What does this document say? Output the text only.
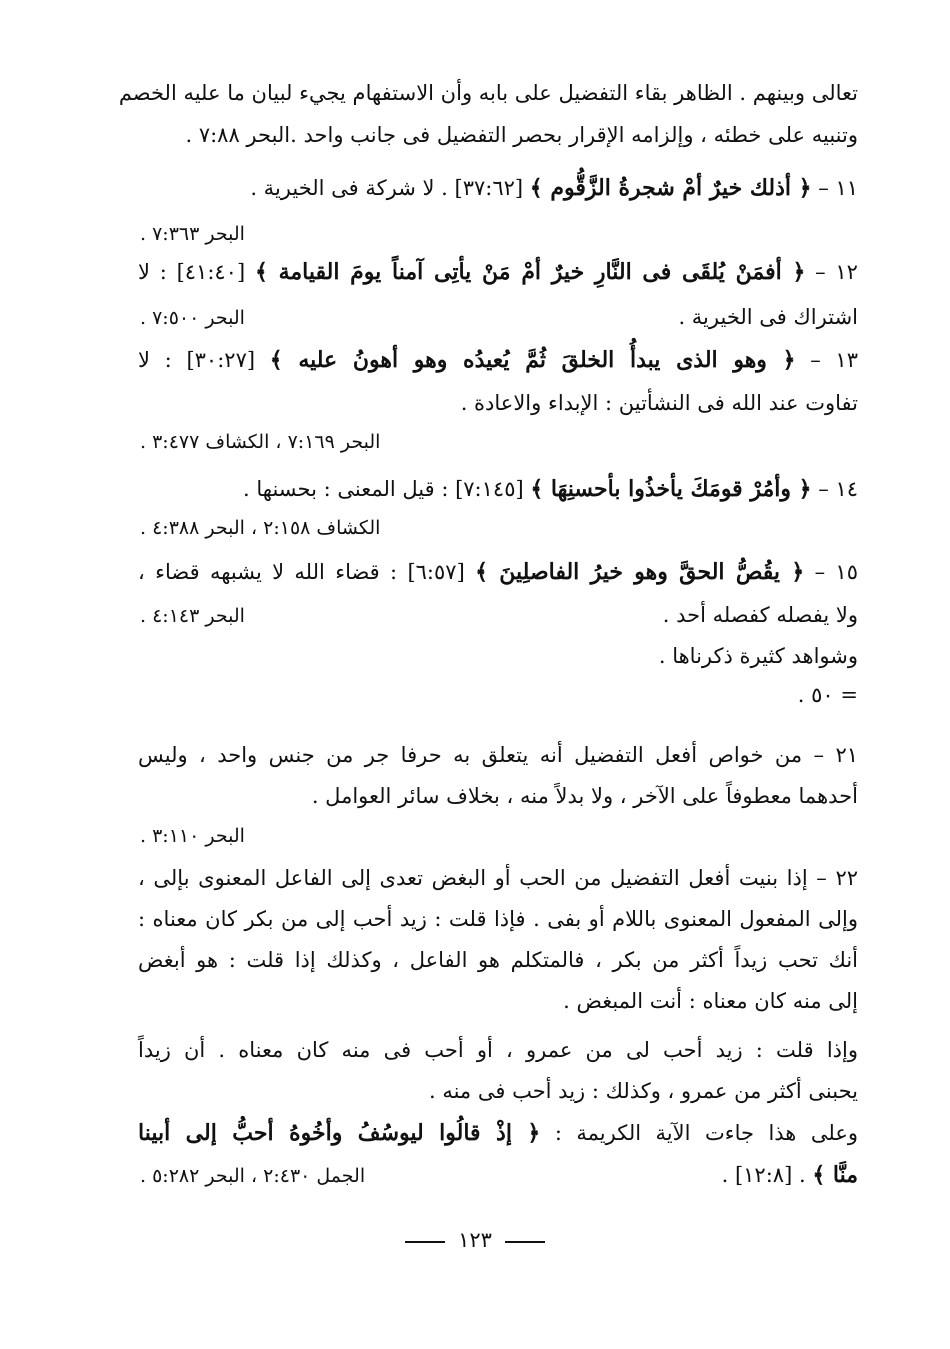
تعالى وبينهم . الظاهر بقاء التفضيل على بابه وأن الاستفهام يجيء لبيان ما عليه الخصم
وتنبيه على خطئه ، وإلزامه الإقرار بحصر التفضيل فى جانب واحد .البحر ٧:٨٨ .
١١ – ﴿ أذلك خيرٌ أمْ شجرةُ الزَّقُّوم ﴾ [٣٧:٦٢] . لا شركة فى الخيرية .
البحر ٧:٣٦٣ .
١٢ – ﴿ أفمَنْ يُلقَى فى النَّارِ خيرٌ أمْ مَنْ يأتِى آمناً يومَ القيامة ﴾ [٤١:٤٠] : لا
اشتراك فى الخيرية .
البحر ٧:٥٠٠ .
١٣ – ﴿ وهو الذى يبدأُ الخلقَ ثُمَّ يُعيدُه وهو أهونُ عليه ﴾ [٣٠:٢٧] : لا
تفاوت عند الله فى النشأتين : الإبداء والاعادة .
البحر ٧:١٦٩ ، الكشاف ٣:٤٧٧ .
١٤ – ﴿ وأمُرْ قومَكَ يأخذُوا بأحسنِهَا ﴾ [٧:١٤٥] : قيل المعنى : بحسنها .
الكشاف ٢:١٥٨ ، البحر ٤:٣٨٨ .
١٥ – ﴿ يقُصُّ الحقَّ وهو خيرُ الفاصلِينَ ﴾ [٦:٥٧] : قضاء الله لا يشبهه قضاء ،
ولا يفصله كفصله أحد .
البحر ٤:١٤٣ .
وشواهد كثيرة ذكرناها .
= ٥٠ .
٢١ – من خواص أفعل التفضيل أنه يتعلق به حرفا جر من جنس واحد ، وليس
أحدهما معطوفاً على الآخر ، ولا بدلاً منه ، بخلاف سائر العوامل .
البحر ٣:١١٠ .
٢٢ – إذا بنيت أفعل التفضيل من الحب أو البغض تعدى إلى الفاعل المعنوى بإلى ،
وإلى المفعول المعنوى باللام أو بفى . فإذا قلت : زيد أحب إلى من بكر كان معناه :
أنك تحب زيداً أكثر من بكر ، فالمتكلم هو الفاعل ، وكذلك إذا قلت : هو أبغض
إلى منه كان معناه : أنت المبغض .
وإذا قلت : زيد أحب لى من عمرو ، أو أحب فى منه كان معناه . أن زيداً
يحبنى أكثر من عمرو ، وكذلك : زيد أحب فى منه .
وعلى هذا جاءت الآية الكريمة : ﴿ إذْ قالُوا ليوسُفُ وأخُوهُ أحبُّ إلى أبينا
منَّا ﴾ . [١٢:٨] .
الجمل ٢:٤٣٠ ، البحر ٥:٢٨٢ .
١٢٣
